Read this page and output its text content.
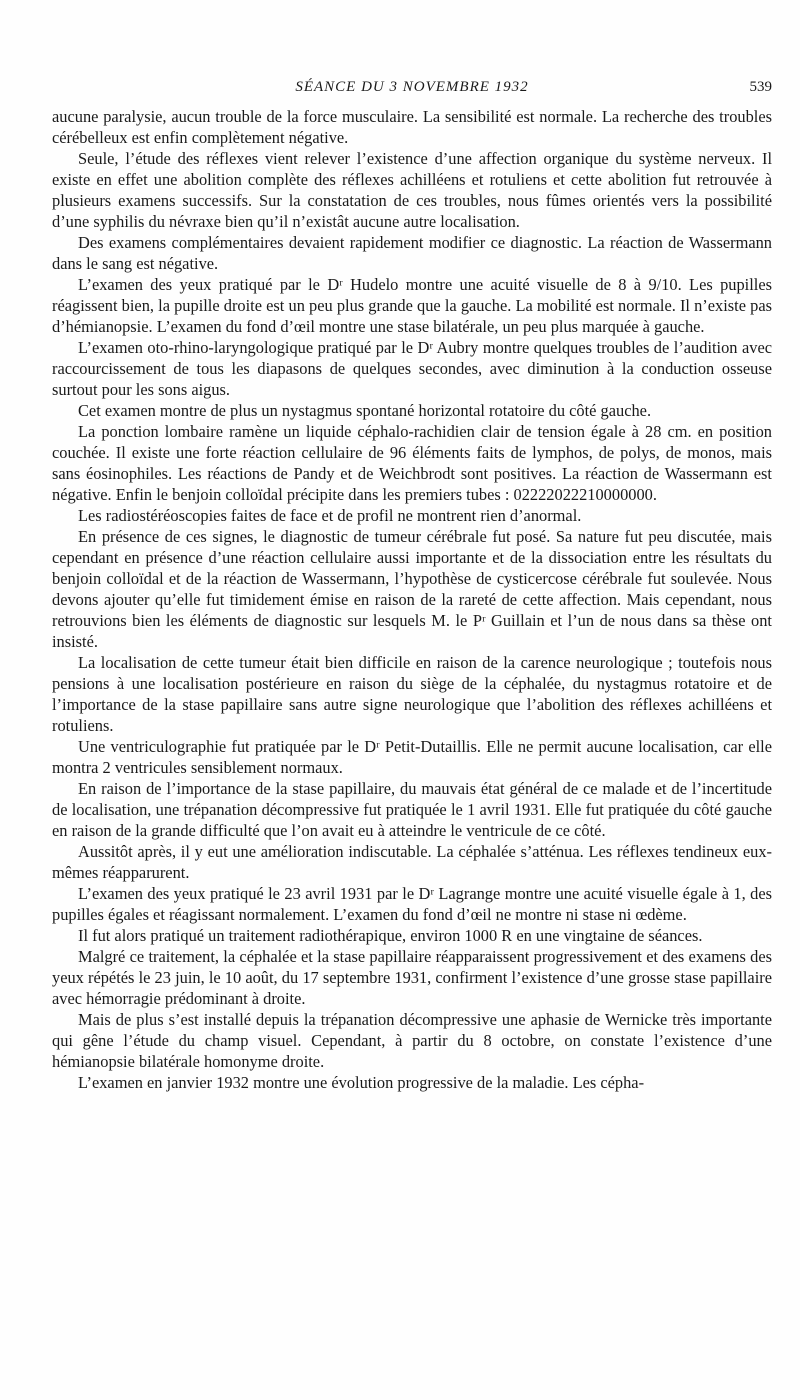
SÉANCE DU 3 NOVEMBRE 1932	539

aucune paralysie, aucun trouble de la force musculaire. La sensibilité est normale. La recherche des troubles cérébelleux est enfin complètement négative.

Seule, l’étude des réflexes vient relever l’existence d’une affection organique du système nerveux. Il existe en effet une abolition complète des réflexes achilléens et rotuliens et cette abolition fut retrouvée à plusieurs examens successifs. Sur la constatation de ces troubles, nous fûmes orientés vers la possibilité d’une syphilis du névraxe bien qu’il n’existât aucune autre localisation.

Des examens complémentaires devaient rapidement modifier ce diagnostic. La réaction de Wassermann dans le sang est négative.

L’examen des yeux pratiqué par le Dʳ Hudelo montre une acuité visuelle de 8 à 9/10. Les pupilles réagissent bien, la pupille droite est un peu plus grande que la gauche. La mobilité est normale. Il n’existe pas d’hémianopsie. L’examen du fond d’œil montre une stase bilatérale, un peu plus marquée à gauche.

L’examen oto-rhino-laryngologique pratiqué par le Dʳ Aubry montre quelques troubles de l’audition avec raccourcissement de tous les diapasons de quelques secondes, avec diminution à la conduction osseuse surtout pour les sons aigus.

Cet examen montre de plus un nystagmus spontané horizontal rotatoire du côté gauche.

La ponction lombaire ramène un liquide céphalo-rachidien clair de tension égale à 28 cm. en position couchée. Il existe une forte réaction cellulaire de 96 éléments faits de lymphos, de polys, de monos, mais sans éosinophiles. Les réactions de Pandy et de Weichbrodt sont positives. La réaction de Wassermann est négative. Enfin le benjoin colloïdal précipite dans les premiers tubes : 02222022210000000.

Les radiostéréoscopies faites de face et de profil ne montrent rien d’anormal.

En présence de ces signes, le diagnostic de tumeur cérébrale fut posé. Sa nature fut peu discutée, mais cependant en présence d’une réaction cellulaire aussi importante et de la dissociation entre les résultats du benjoin colloïdal et de la réaction de Wassermann, l’hypothèse de cysticercose cérébrale fut soulevée. Nous devons ajouter qu’elle fut timidement émise en raison de la rareté de cette affection. Mais cependant, nous retrouvions bien les éléments de diagnostic sur lesquels M. le Pʳ Guillain et l’un de nous dans sa thèse ont insisté.

La localisation de cette tumeur était bien difficile en raison de la carence neurologique ; toutefois nous pensions à une localisation postérieure en raison du siège de la céphalée, du nystagmus rotatoire et de l’importance de la stase papillaire sans autre signe neurologique que l’abolition des réflexes achilléens et rotuliens.

Une ventriculographie fut pratiquée par le Dʳ Petit-Dutaillis. Elle ne permit aucune localisation, car elle montra 2 ventricules sensiblement normaux.

En raison de l’importance de la stase papillaire, du mauvais état général de ce malade et de l’incertitude de localisation, une trépanation décompressive fut pratiquée le 1 avril 1931. Elle fut pratiquée du côté gauche en raison de la grande difficulté que l’on avait eu à atteindre le ventricule de ce côté.

Aussitôt après, il y eut une amélioration indiscutable. La céphalée s’atténua. Les réflexes tendineux eux-mêmes réapparurent.

L’examen des yeux pratiqué le 23 avril 1931 par le Dʳ Lagrange montre une acuité visuelle égale à 1, des pupilles égales et réagissant normalement. L’examen du fond d’œil ne montre ni stase ni œdème.

Il fut alors pratiqué un traitement radiothérapique, environ 1000 R en une vingtaine de séances.

Malgré ce traitement, la céphalée et la stase papillaire réapparaissent progressivement et des examens des yeux répétés le 23 juin, le 10 août, du 17 septembre 1931, confirment l’existence d’une grosse stase papillaire avec hémorragie prédominant à droite.

Mais de plus s’est installé depuis la trépanation décompressive une aphasie de Wernicke très importante qui gêne l’étude du champ visuel. Cependant, à partir du 8 octobre, on constate l’existence d’une hémianopsie bilatérale homonyme droite.

L’examen en janvier 1932 montre une évolution progressive de la maladie. Les cépha-
